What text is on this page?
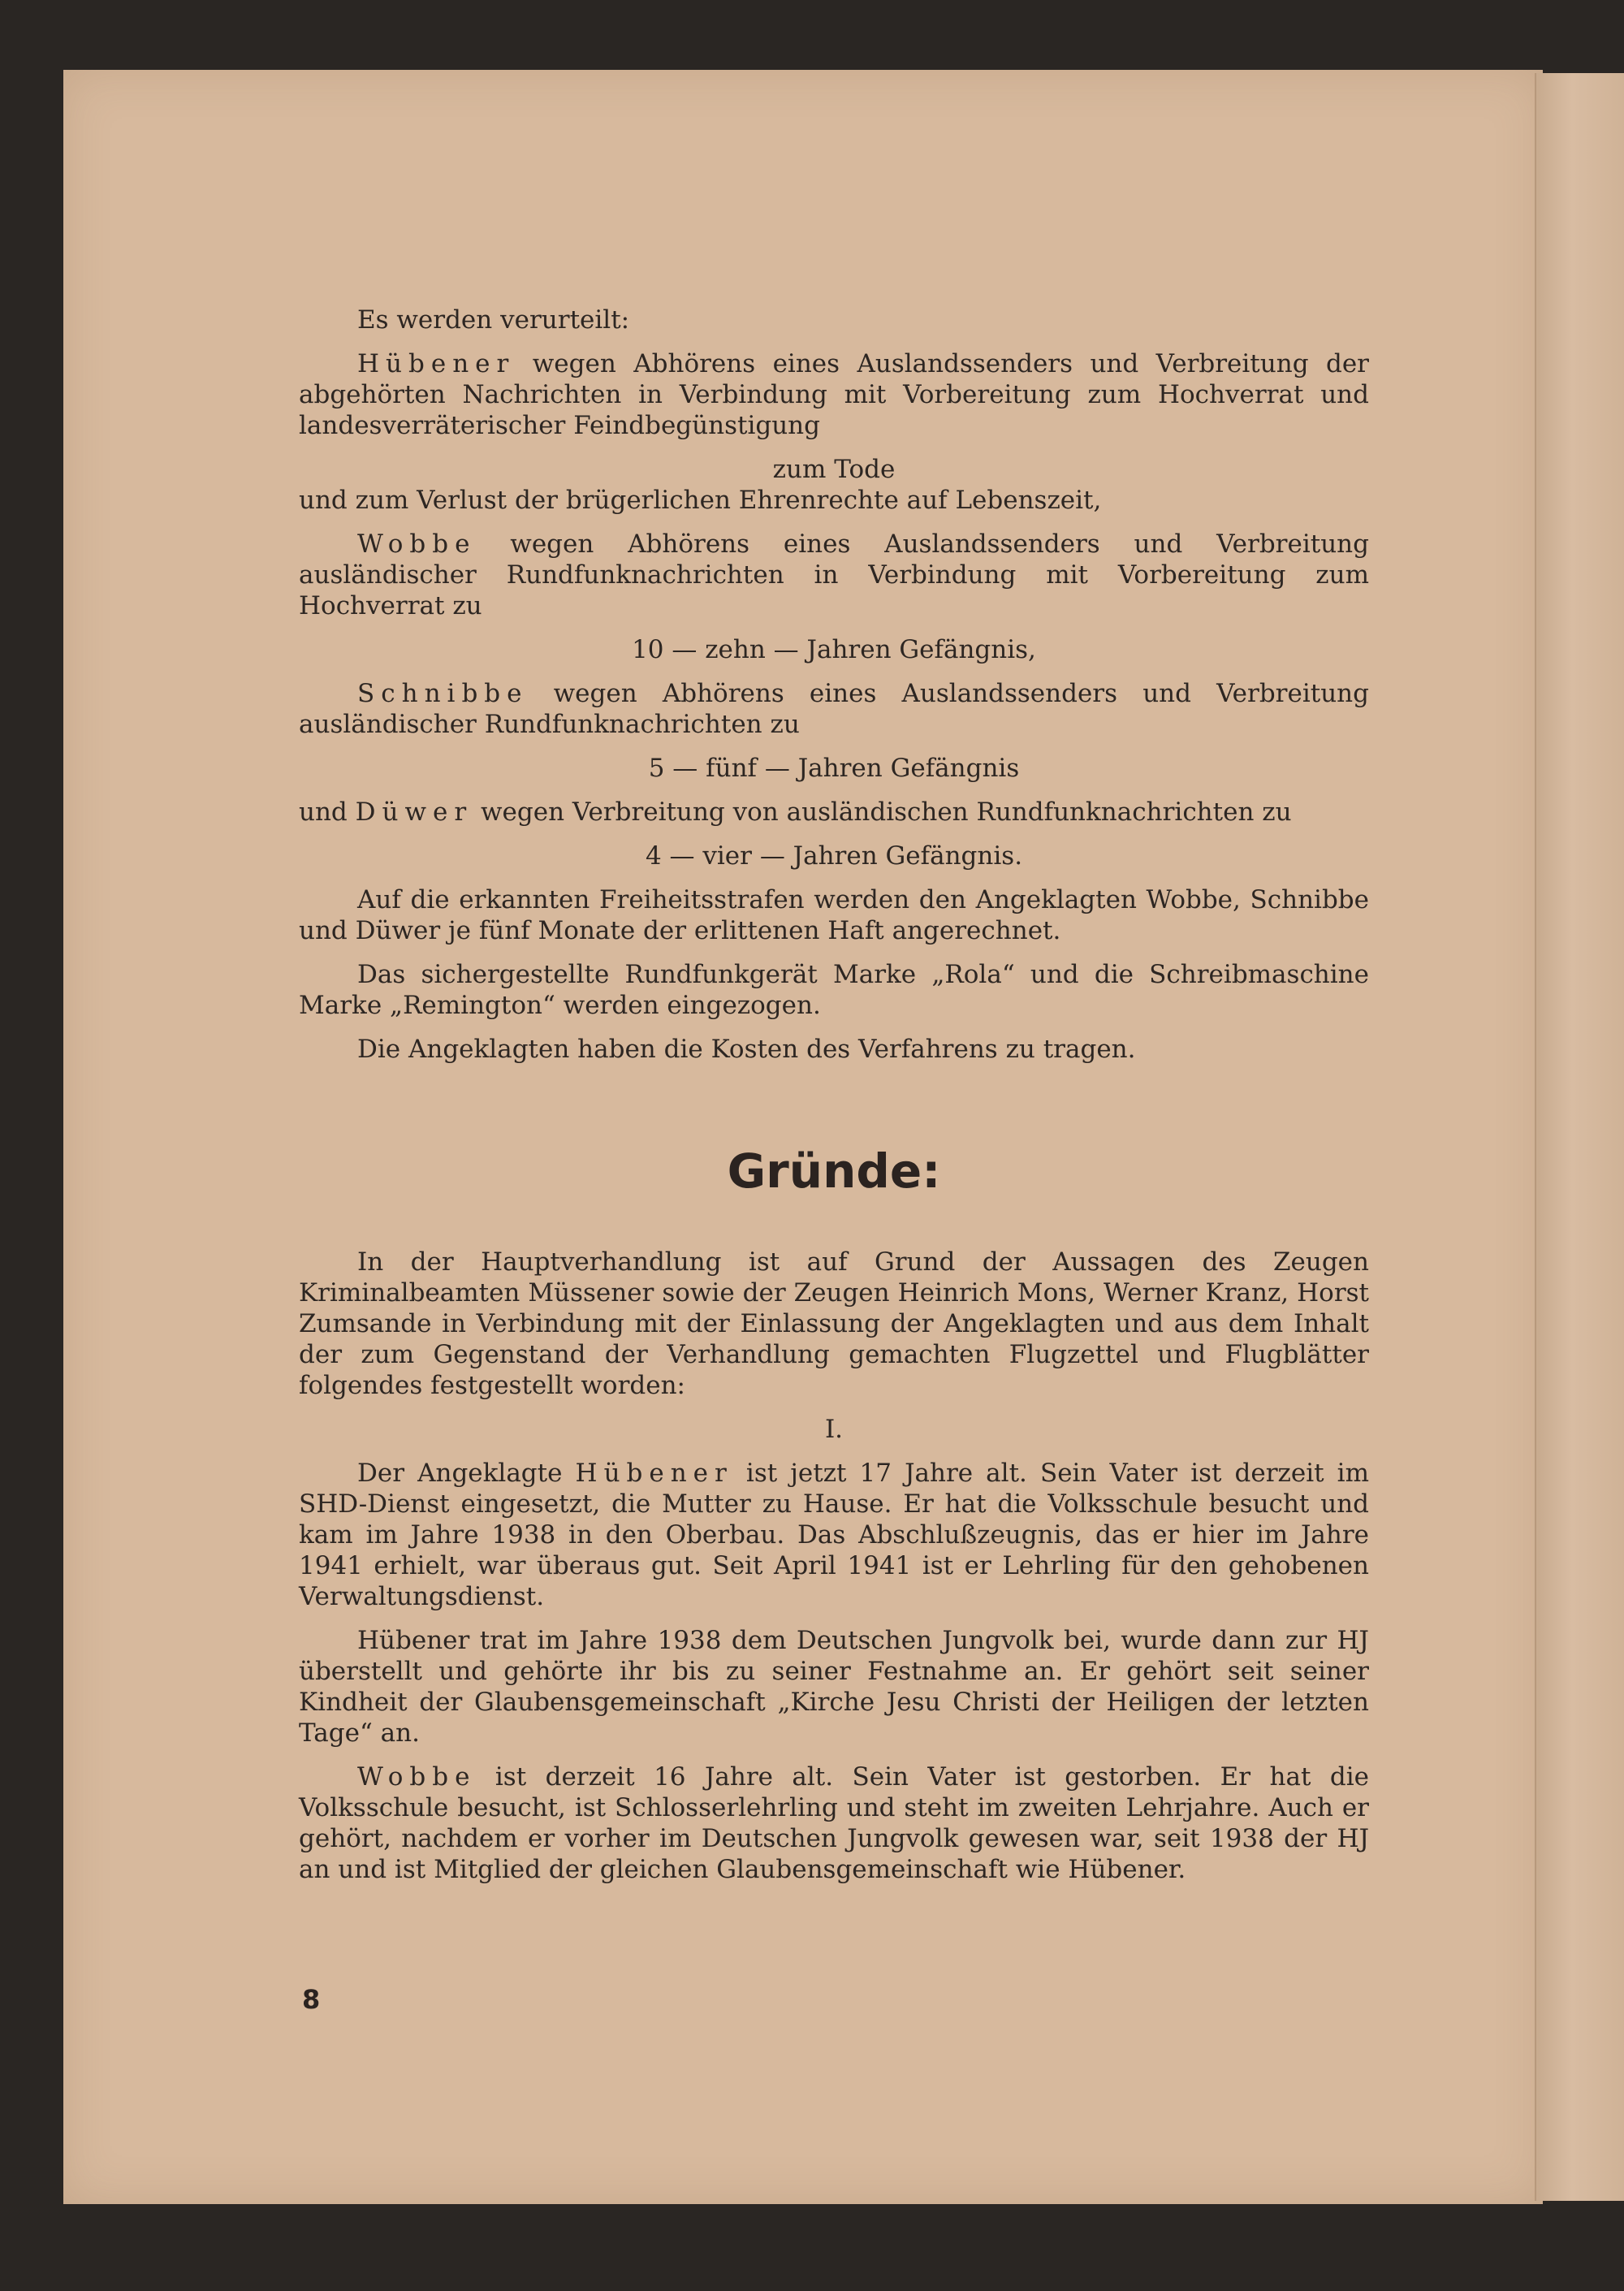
Es werden verurteilt:

Hübener wegen Abhörens eines Auslandssenders und Verbreitung der abgehörten Nachrichten in Verbindung mit Vorbereitung zum Hochverrat und landesverräterischer Feindbegünstigung

zum Tode

und zum Verlust der brügerlichen Ehrenrechte auf Lebenszeit,

Wobbe wegen Abhörens eines Auslandssenders und Verbreitung ausländischer Rundfunknachrichten in Verbindung mit Vorbereitung zum Hochverrat zu

10 — zehn — Jahren Gefängnis,

Schnibbe wegen Abhörens eines Auslandssenders und Verbreitung ausländischer Rundfunknachrichten zu

5 — fünf — Jahren Gefängnis

und Düwer wegen Verbreitung von ausländischen Rundfunknachrichten zu

4 — vier — Jahren Gefängnis.

Auf die erkannten Freiheitsstrafen werden den Angeklagten Wobbe, Schnibbe und Düwer je fünf Monate der erlittenen Haft angerechnet.

Das sichergestellte Rundfunkgerät Marke „Rola“ und die Schreibmaschine Marke „Remington“ werden eingezogen.

Die Angeklagten haben die Kosten des Verfahrens zu tragen.

Gründe:

In der Hauptverhandlung ist auf Grund der Aussagen des Zeugen Kriminalbeamten Müssener sowie der Zeugen Heinrich Mons, Werner Kranz, Horst Zumsande in Verbindung mit der Einlassung der Angeklagten und aus dem Inhalt der zum Gegenstand der Verhandlung gemachten Flugzettel und Flugblätter folgendes festgestellt worden:

I.

Der Angeklagte Hübener ist jetzt 17 Jahre alt. Sein Vater ist derzeit im SHD-Dienst eingesetzt, die Mutter zu Hause. Er hat die Volksschule besucht und kam im Jahre 1938 in den Oberbau. Das Abschlußzeugnis, das er hier im Jahre 1941 erhielt, war überaus gut. Seit April 1941 ist er Lehrling für den gehobenen Verwaltungsdienst.

Hübener trat im Jahre 1938 dem Deutschen Jungvolk bei, wurde dann zur HJ überstellt und gehörte ihr bis zu seiner Festnahme an. Er gehört seit seiner Kindheit der Glaubensgemeinschaft „Kirche Jesu Christi der Heiligen der letzten Tage“ an.

Wobbe ist derzeit 16 Jahre alt. Sein Vater ist gestorben. Er hat die Volksschule besucht, ist Schlosserlehrling und steht im zweiten Lehrjahre. Auch er gehört, nachdem er vorher im Deutschen Jungvolk gewesen war, seit 1938 der HJ an und ist Mitglied der gleichen Glaubensgemeinschaft wie Hübener.

8
